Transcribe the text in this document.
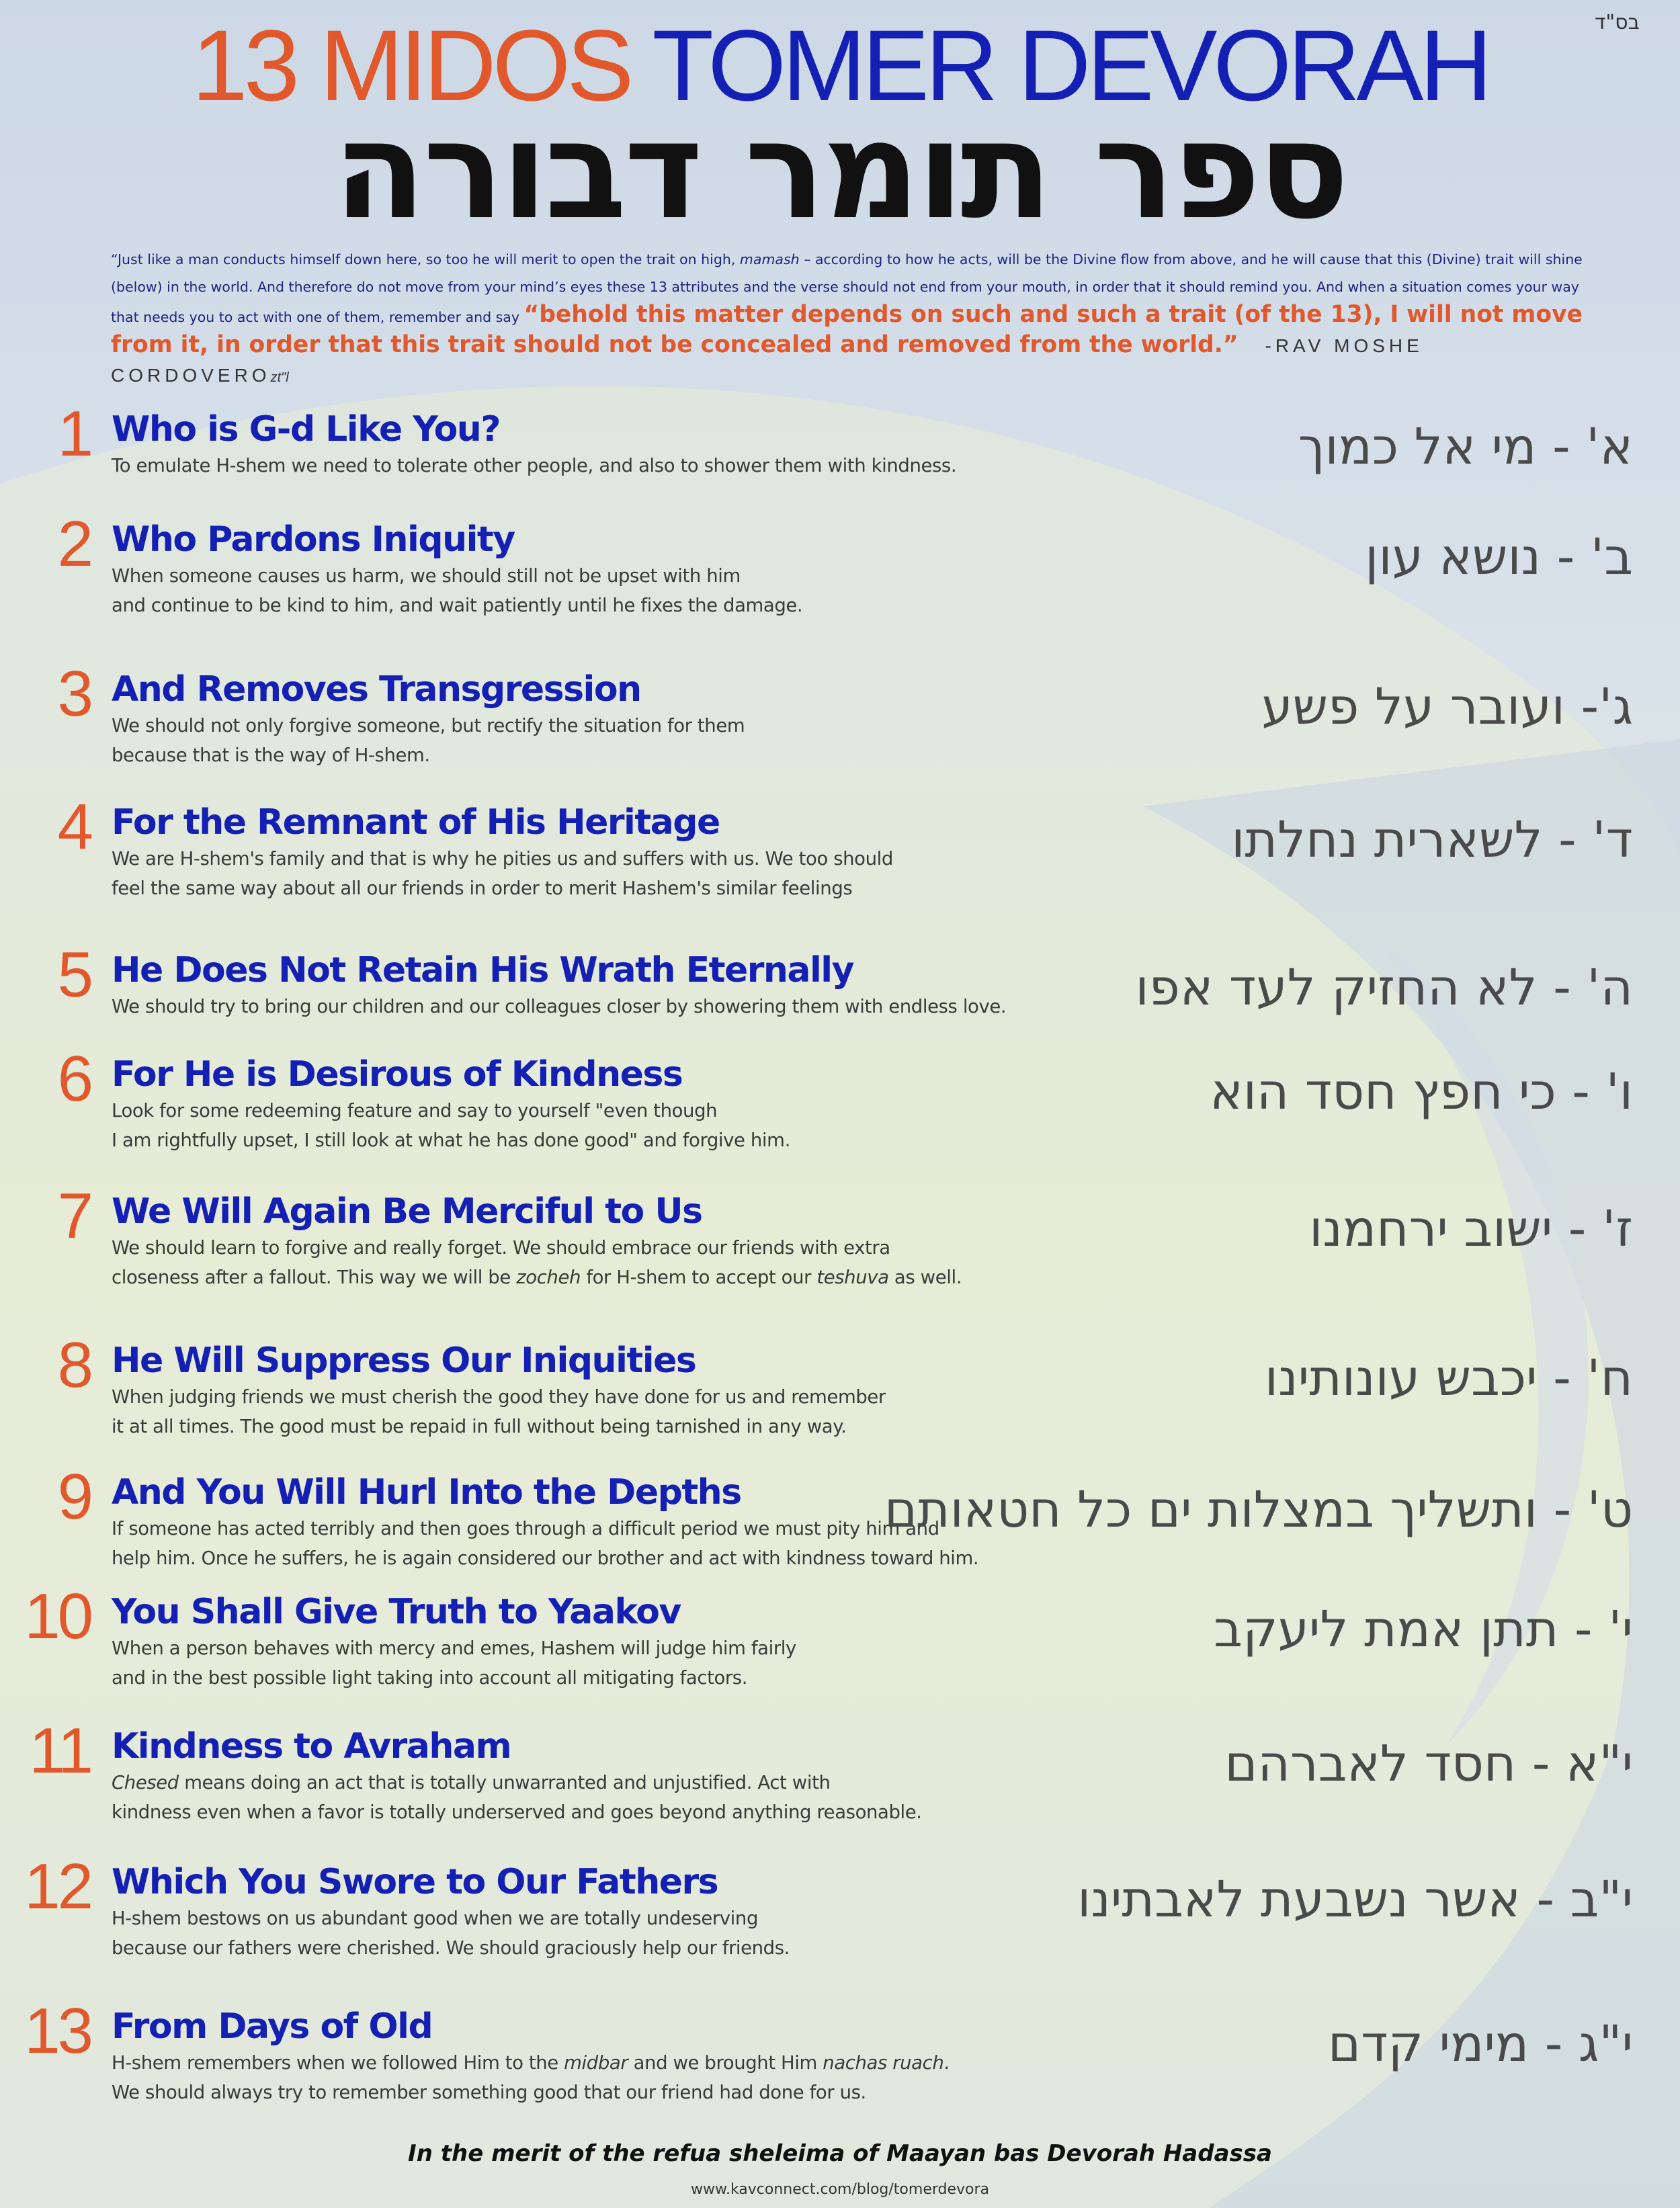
בס"ד
13 MIDOS TOMER DEVORAH
ספר תומר דבורה
“Just like a man conducts himself down here, so too he will merit to open the trait on high, mamash – according to how he acts, will be the Divine flow from above, and he will cause that this (Divine) trait will shine (below) in the world. And therefore do not move from your mind’s eyes these 13 attributes and the verse should not end from your mouth, in order that it should remind you. And when a situation comes your way that needs you to act with one of them, remember and say “behold this matter depends on such and such a trait (of the 13), I will not move from it, in order that this trait should not be concealed and removed from the world.” -RAV MOSHE CORDOVEROzt"l
1 Who is G-d Like You?
To emulate H-shem we need to tolerate other people, and also to shower them with kindness.	א' - מי אל כמוך
2 Who Pardons Iniquity
When someone causes us harm, we should still not be upset with him
and continue to be kind to him, and wait patiently until he fixes the damage.
ב' - נושא עון
3 And Removes Transgression
We should not only forgive someone, but rectify the situation for them
because that is the way of H-shem.
ג'- ועובר על פשע
4 For the Remnant of His Heritage
We are H-shem's family and that is why he pities us and suffers with us. We too should
feel the same way about all our friends in order to merit Hashem's similar feelings
ד' - לשארית נחלתו
5 He Does Not Retain His Wrath Eternally
We should try to bring our children and our colleagues closer by showering them with endless love.	ה' - לא החזיק לעד אפו
6 For He is Desirous of Kindness
Look for some redeeming feature and say to yourself "even though
I am rightfully upset, I still look at what he has done good" and forgive him.
ו' - כי חפץ חסד הוא
7 We Will Again Be Merciful to Us
We should learn to forgive and really forget. We should embrace our friends with extra
closeness after a fallout. This way we will be zocheh for H-shem to accept our teshuva as well.
ז' - ישוב ירחמנו
8 He Will Suppress Our Iniquities
When judging friends we must cherish the good they have done for us and remember
it at all times. The good must be repaid in full without being tarnished in any way.
ח' - יכבש עונותינו
9 And You Will Hurl Into the Depths
If someone has acted terribly and then goes through a difficult period we must pity him and
help him. Once he suffers, he is again considered our brother and act with kindness toward him.
ט' - ותשליך במצלות ים כל חטאותם
10 You Shall Give Truth to Yaakov
When a person behaves with mercy and emes, Hashem will judge him fairly
and in the best possible light taking into account all mitigating factors.
י' - תתן אמת ליעקב
11 Kindness to Avraham
Chesed means doing an act that is totally unwarranted and unjustified. Act with
kindness even when a favor is totally underserved and goes beyond anything reasonable.
י"א - חסד לאברהם
12 Which You Swore to Our Fathers
H-shem bestows on us abundant good when we are totally undeserving
because our fathers were cherished. We should graciously help our friends.
י"ב - אשר נשבעת לאבתינו
13 From Days of Old
H-shem remembers when we followed Him to the midbar and we brought Him nachas ruach.
We should always try to remember something good that our friend had done for us.
י"ג - מימי קדם
In the merit of the refua sheleima of Maayan bas Devorah Hadassa
www.kavconnect.com/blog/tomerdevora
